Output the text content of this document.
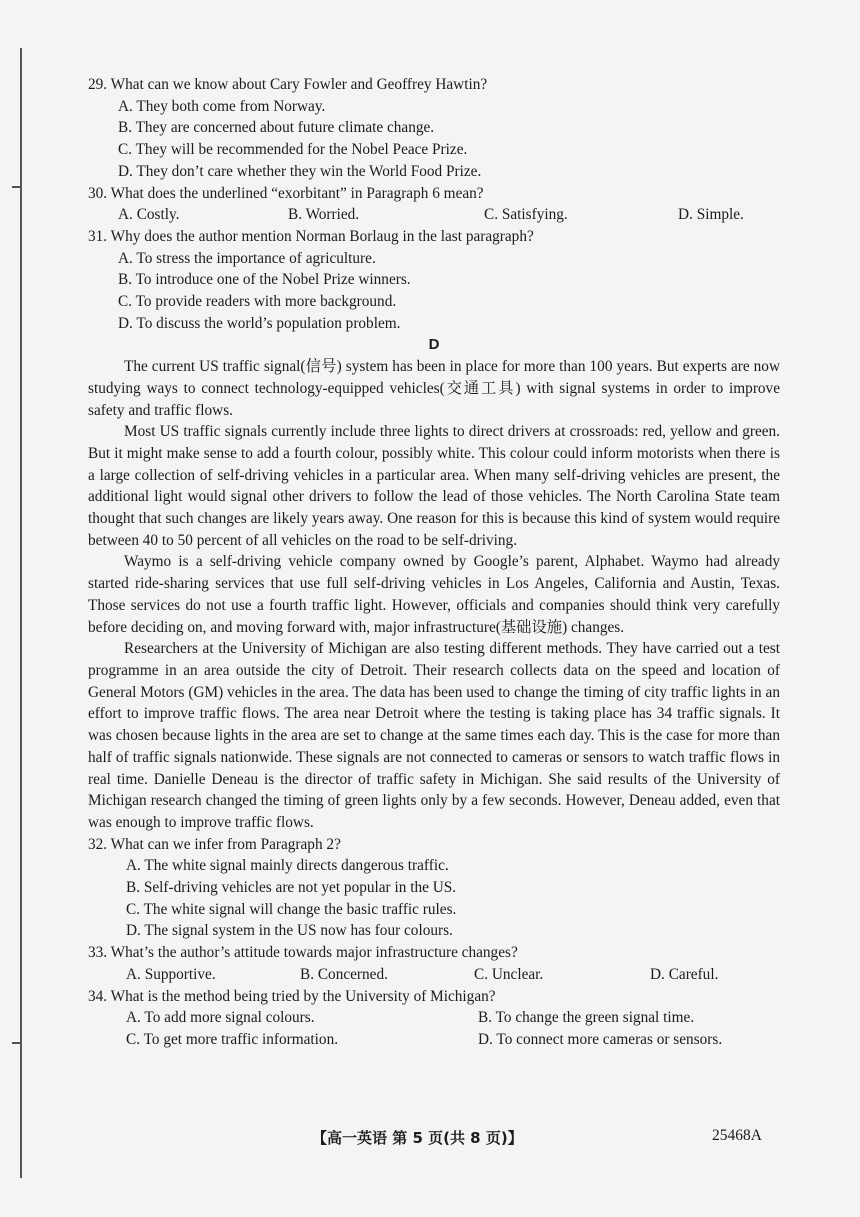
29. What can we know about Cary Fowler and Geoffrey Hawtin?

A. They both come from Norway.

B. They are concerned about future climate change.

C. They will be recommended for the Nobel Peace Prize.

D. They don’t care whether they win the World Food Prize.

30. What does the underlined “exorbitant” in Paragraph 6 mean?

A. Costly.	B. Worried.	C. Satisfying.	D. Simple.

31. Why does the author mention Norman Borlaug in the last paragraph?

A. To stress the importance of agriculture.

B. To introduce one of the Nobel Prize winners.

C. To provide readers with more background.

D. To discuss the world’s population problem.

D

The current US traffic signal(信号) system has been in place for more than 100 years. But experts are now studying ways to connect technology-equipped vehicles(交通工具) with signal systems in order to improve safety and traffic flows.

Most US traffic signals currently include three lights to direct drivers at crossroads: red, yellow and green. But it might make sense to add a fourth colour, possibly white. This colour could inform motorists when there is a large collection of self-driving vehicles in a particular area. When many self-driving vehicles are present, the additional light would signal other drivers to follow the lead of those vehicles. The North Carolina State team thought that such changes are likely years away. One reason for this is because this kind of system would require between 40 to 50 percent of all vehicles on the road to be self-driving.

Waymo is a self-driving vehicle company owned by Google’s parent, Alphabet. Waymo had already started ride-sharing services that use full self-driving vehicles in Los Angeles, California and Austin, Texas. Those services do not use a fourth traffic light. However, officials and companies should think very carefully before deciding on, and moving forward with, major infrastructure(基础设施) changes.

Researchers at the University of Michigan are also testing different methods. They have carried out a test programme in an area outside the city of Detroit. Their research collects data on the speed and location of General Motors (GM) vehicles in the area. The data has been used to change the timing of city traffic lights in an effort to improve traffic flows. The area near Detroit where the testing is taking place has 34 traffic signals. It was chosen because lights in the area are set to change at the same times each day. This is the case for more than half of traffic signals nationwide. These signals are not connected to cameras or sensors to watch traffic flows in real time. Danielle Deneau is the director of traffic safety in Michigan. She said results of the University of Michigan research changed the timing of green lights only by a few seconds. However, Deneau added, even that was enough to improve traffic flows.

32. What can we infer from Paragraph 2?

A. The white signal mainly directs dangerous traffic.

B. Self-driving vehicles are not yet popular in the US.

C. The white signal will change the basic traffic rules.

D. The signal system in the US now has four colours.

33. What’s the author’s attitude towards major infrastructure changes?

A. Supportive.	B. Concerned.	C. Unclear.	D. Careful.

34. What is the method being tried by the University of Michigan?

A. To add more signal colours.	B. To change the green signal time.
C. To get more traffic information.	D. To connect more cameras or sensors.
【高一英语 第 5 页(共 8 页)】	25468A
